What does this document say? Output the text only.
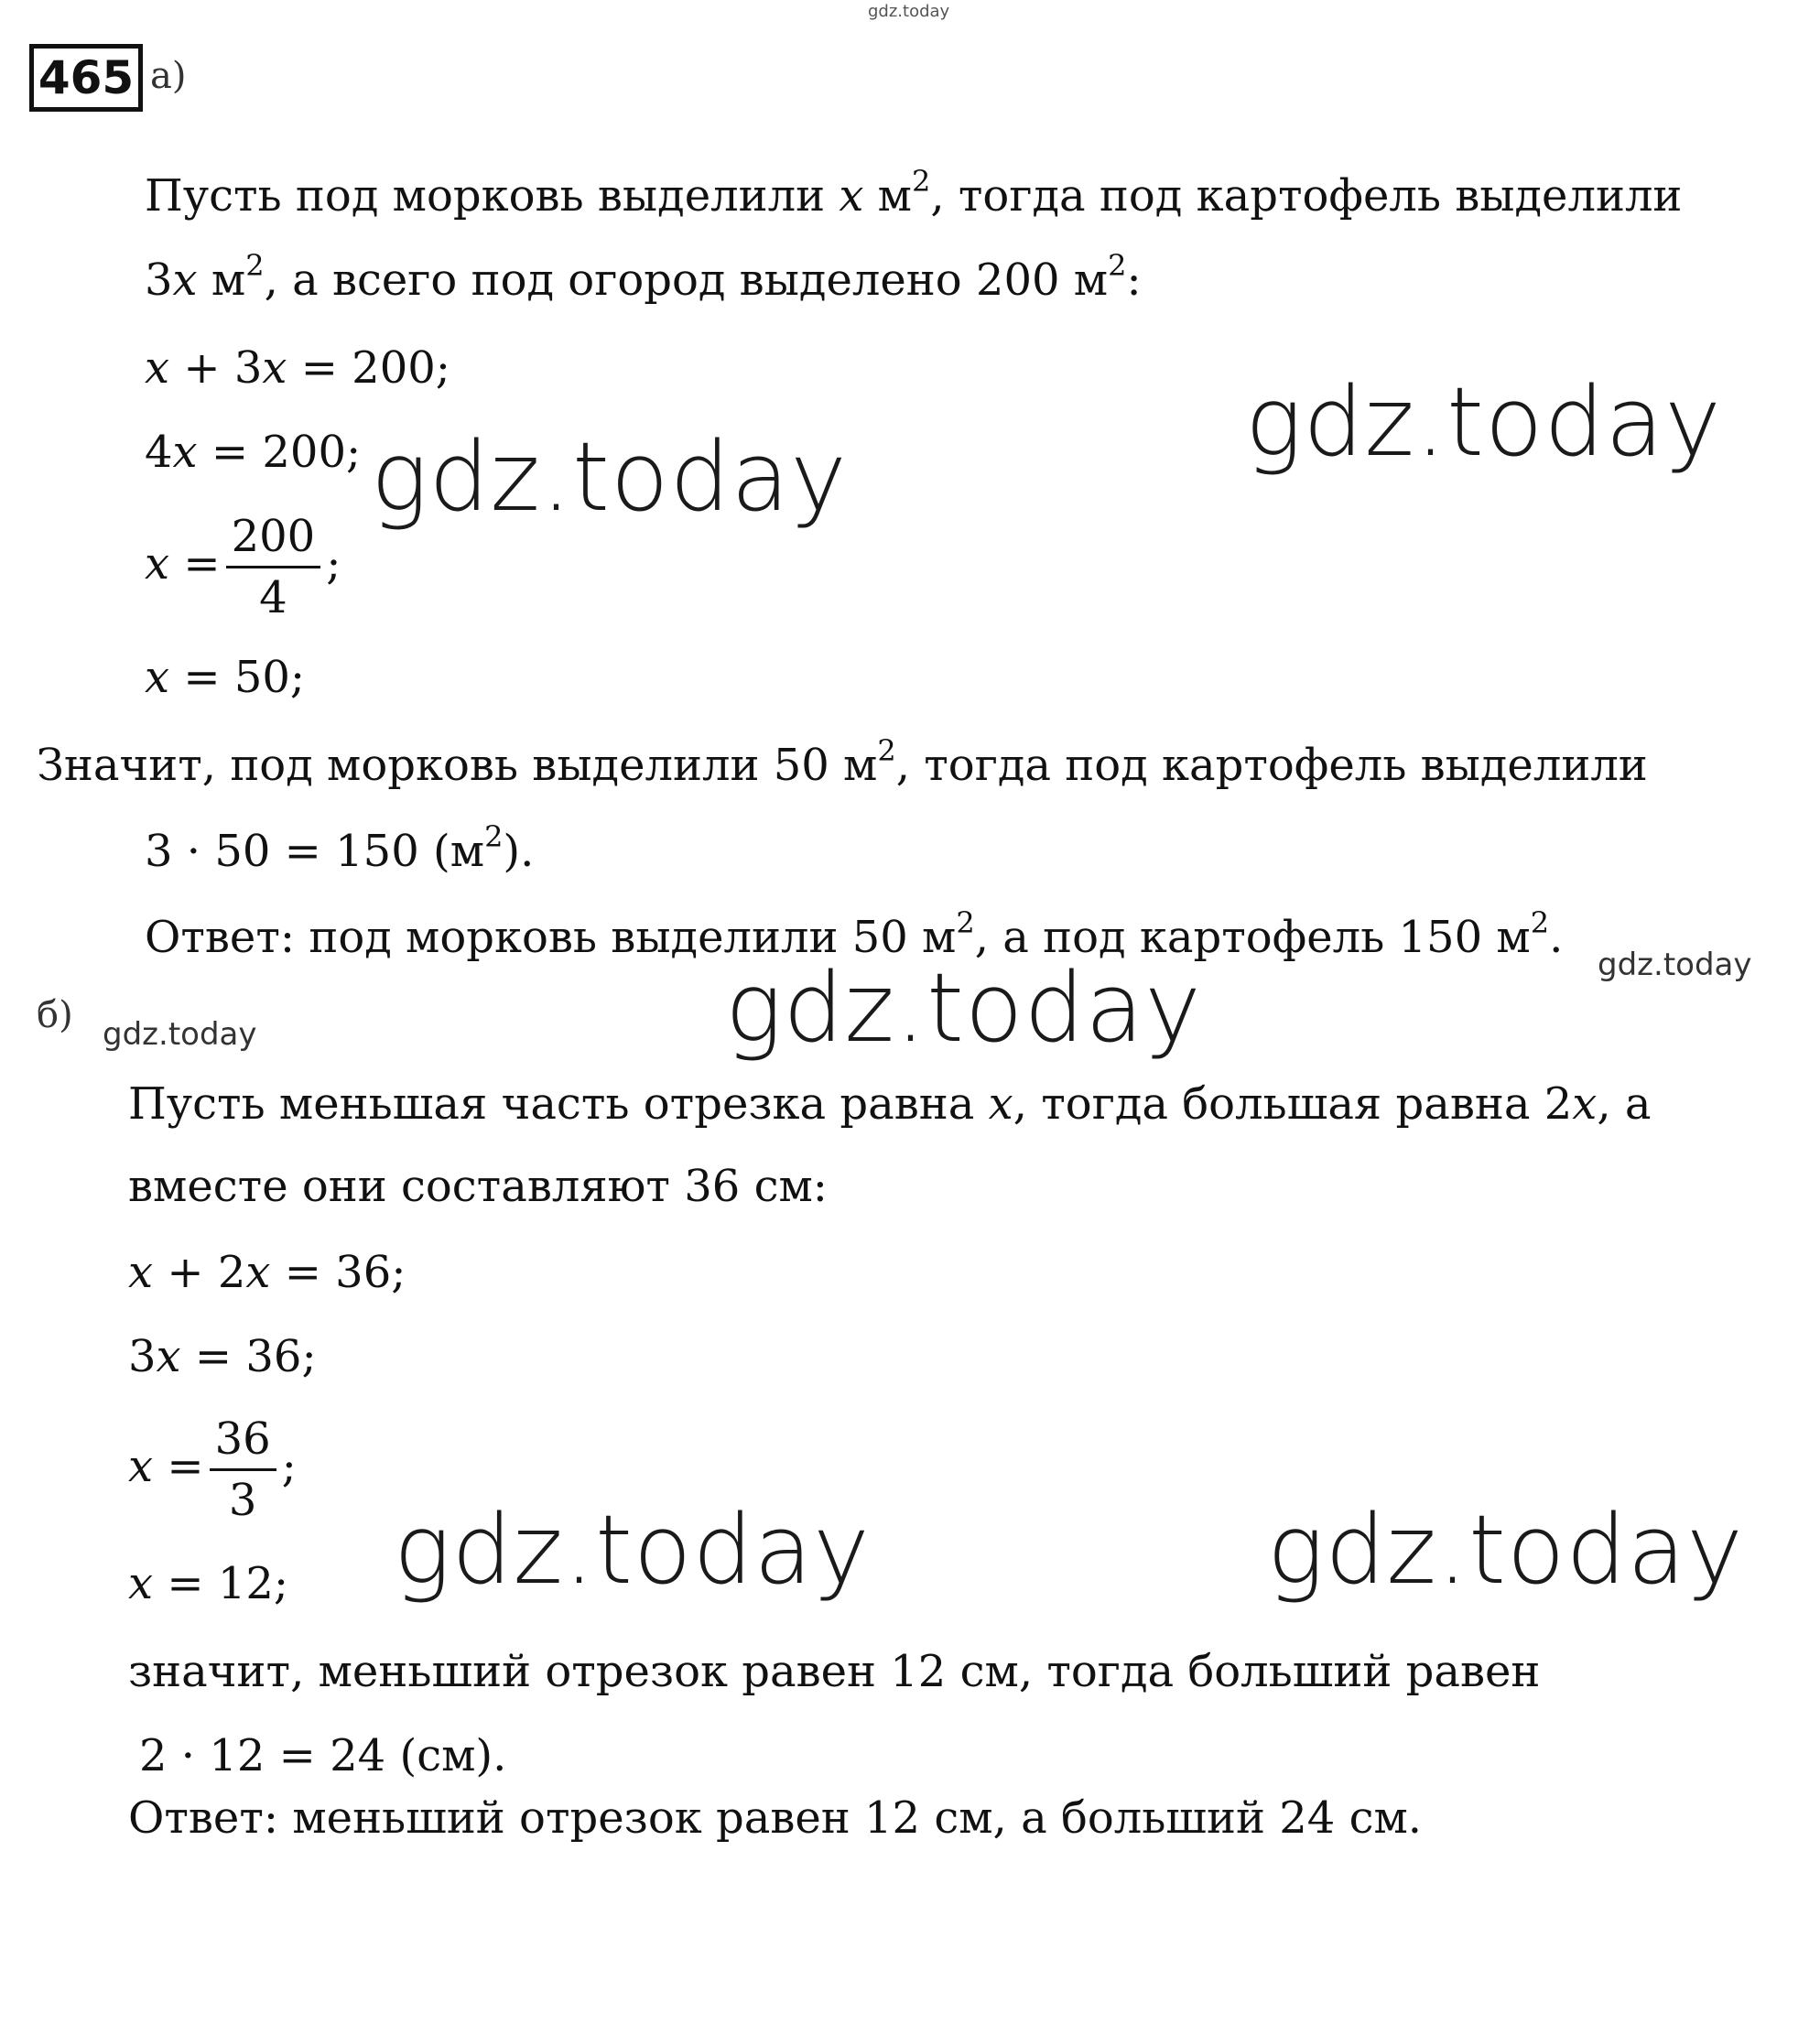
gdz.today
465 а)
Пусть под морковь выделили x $м^2$, тогда под картофель выделили
3x $м^2$, а всего под огород выделено 200 $м^2$:
x + 3x = 200;
4x = 200;
$x = \frac{200}{4}$ ;
x = 50;
Значит, под морковь выделили 50 $м^2$, тогда под картофель выделили
3 · 50 = 150 $(м^2)$.
Ответ: под морковь выделили 50 $м^2$, а под картофель 150 $м^2$.
б)
Пусть меньшая часть отрезка равна x, тогда большая равна 2x, а
вместе они составляют 36 см:
x + 2x = 36;
3x = 36;
$x = \frac{36}{3}$ ;
x = 12;
значит, меньший отрезок равен 12 см, тогда больший равен
2 · 12 = 24 (см).
Ответ: меньший отрезок равен 12 см, а больший 24 см.
gdz.today
gdz.today
gdz.today
gdz.today
gdz.today
gdz.today	gdz.today
